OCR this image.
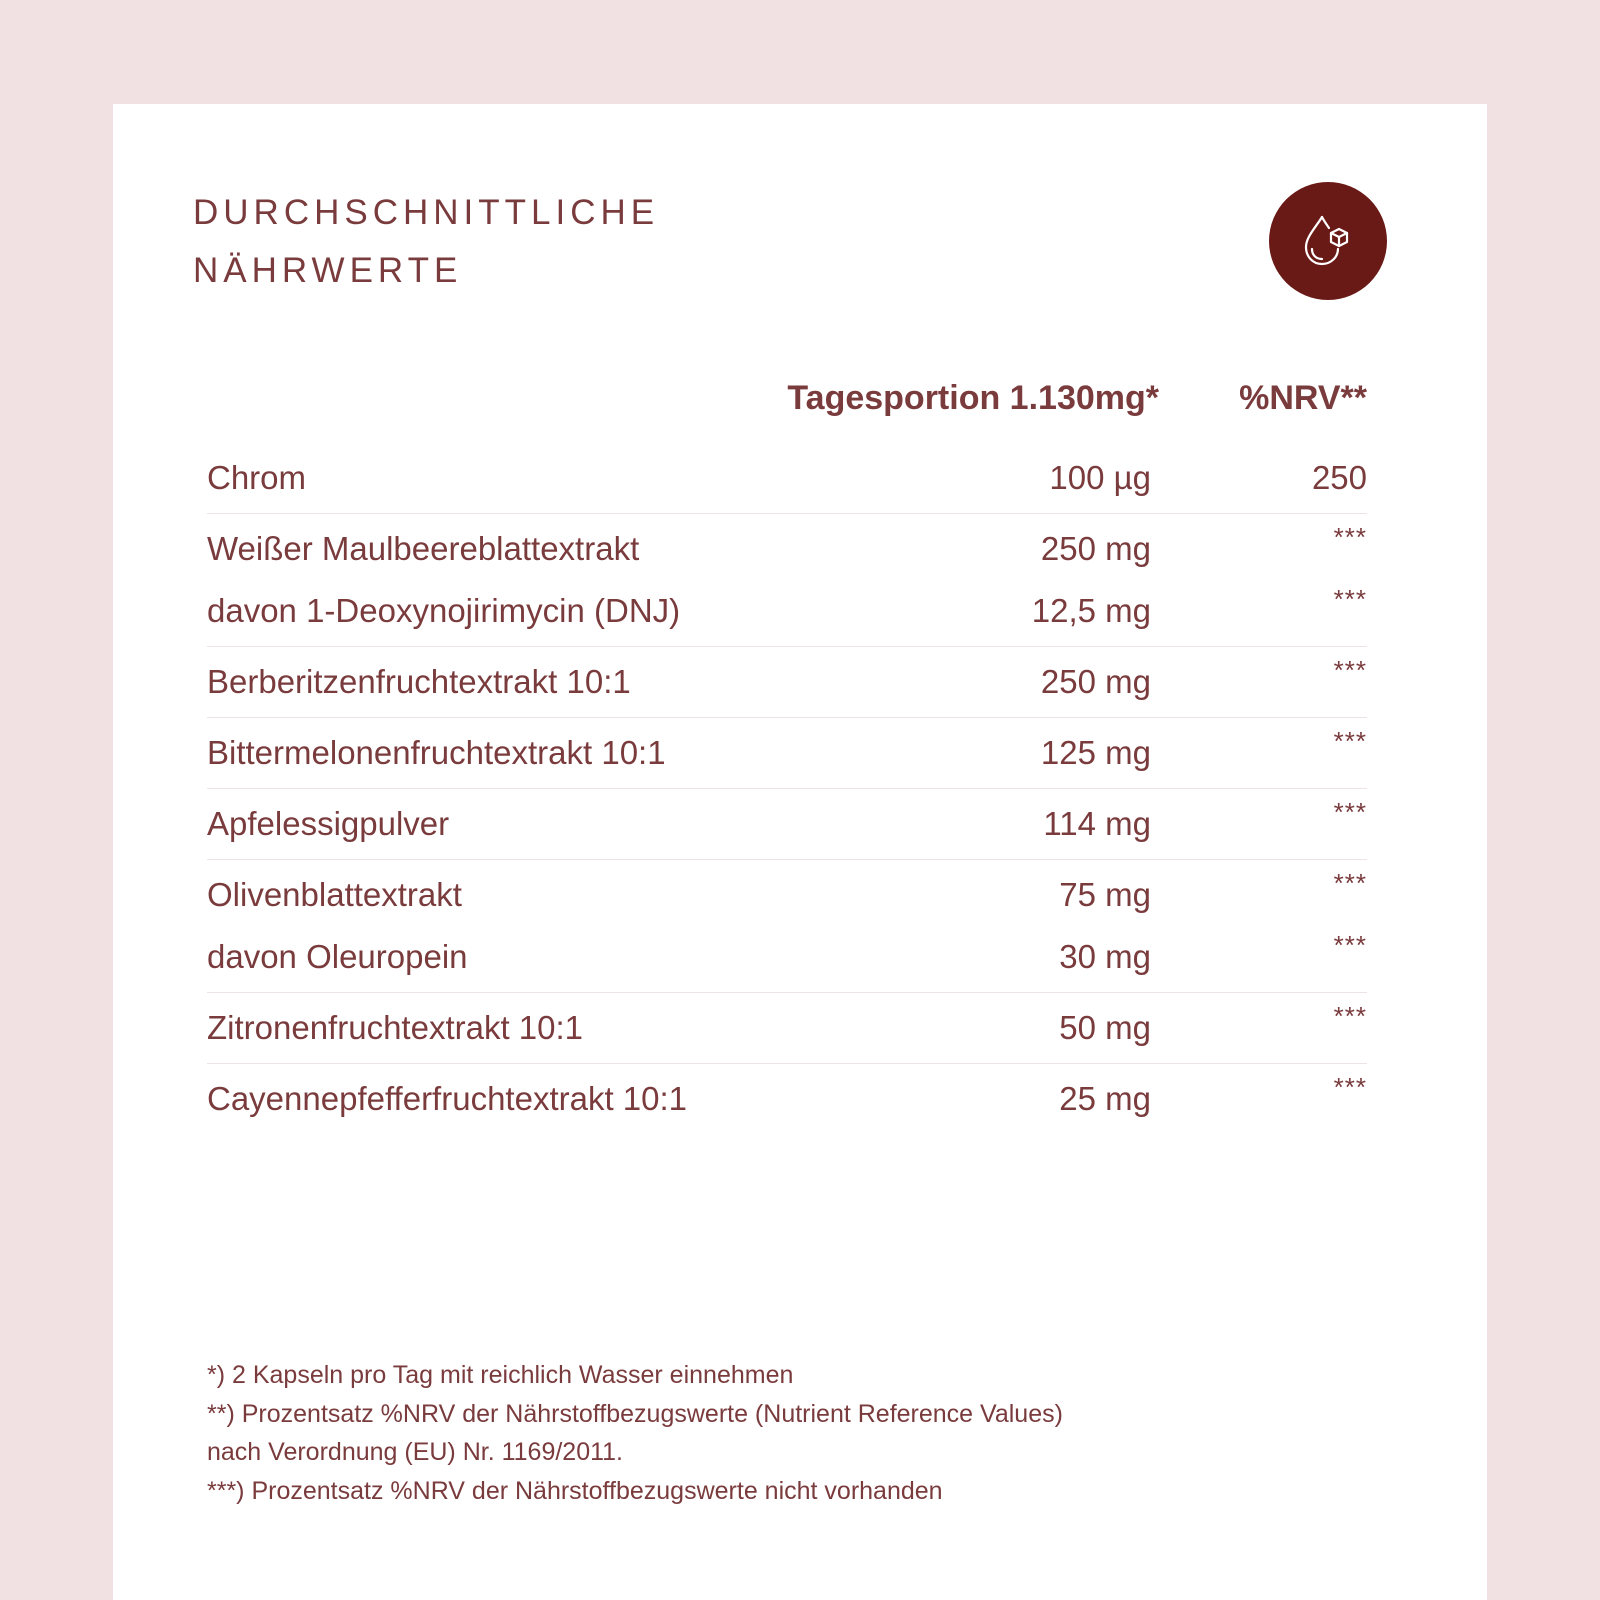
DURCHSCHNITTLICHE
NÄHRWERTE
Tagesportion 1.130mg* %NRV**
Chrom	100 µg	250
Weißer Maulbeereblattextrakt	250 mg	***
davon 1-Deoxynojirimycin (DNJ)	12,5 mg	***
Berberitzenfruchtextrakt 10:1	250 mg	***
Bittermelonenfruchtextrakt 10:1	125 mg	***
Apfelessigpulver	114 mg	***
Olivenblattextrakt	75 mg	***
davon Oleuropein	30 mg	***
Zitronenfruchtextrakt 10:1	50 mg	***
Cayennepfefferfruchtextrakt 10:1	25 mg	***
*) 2 Kapseln pro Tag mit reichlich Wasser einnehmen
**) Prozentsatz %NRV der Nährstoffbezugswerte (Nutrient Reference Values)
nach Verordnung (EU) Nr. 1169/2011.
***) Prozentsatz %NRV der Nährstoffbezugswerte nicht vorhanden
